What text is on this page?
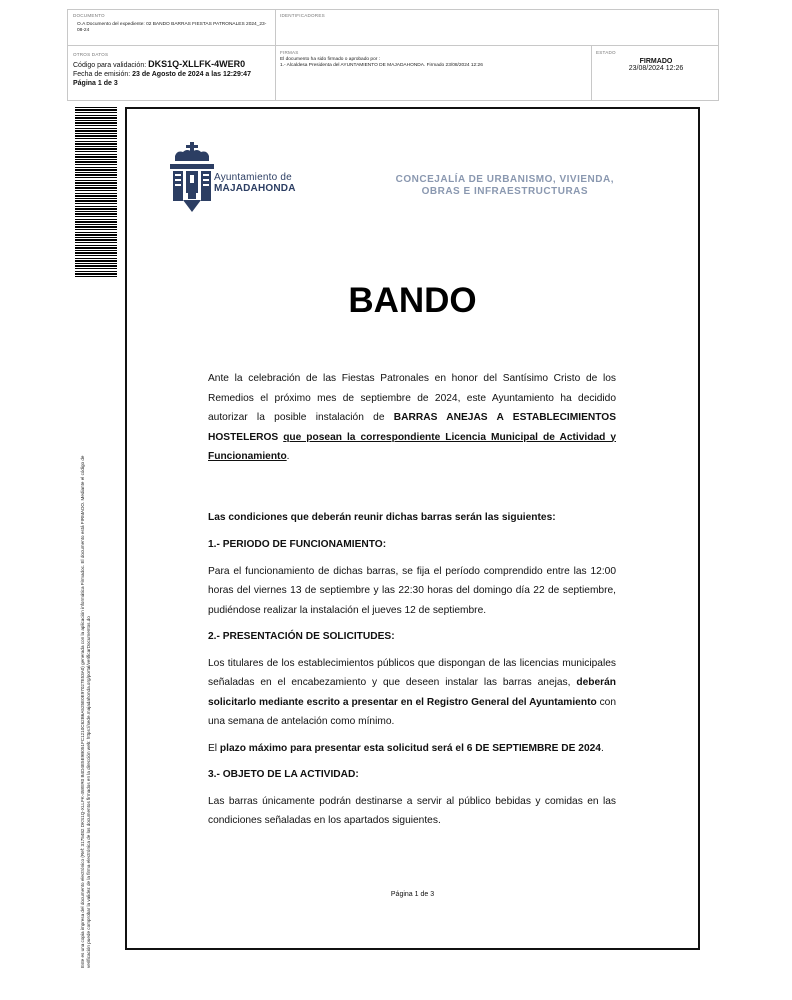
DOCUMENTO
O.A Documento del expediente: 02 BANDO BARRAS FIESTAS PATRONALES 2024_23-08-24
IDENTIFICADORES
OTROS DATOS
Código para validación: DKS1Q-XLLFK-4WER0
Fecha de emisión: 23 de Agosto de 2024 a las 12:29:47
Página 1 de 3
FIRMAS
El documento ha sido firmado o aprobado por :
1.- Alcaldesa Presidenta del AYUNTAMIENTO DE MAJADAHONDA. Firmado 23/08/2024 12:26
ESTADO
FIRMADO
23/08/2024 12:26
Este es una copia impresa del documento electrónico (Ref: 3175482 DKS1Q-XLLFK-4WER0 B4D4E5E9B051FC1210C62B6A525E0E97027E53A0) generada con la aplicación informática Firmadoc. El documento está FIRMADO. Mediante el código de verificación puede comprobar la validez de la firma electrónica de los documentos firmados en la dirección web: https://sede.majadahonda.org/portal/verificarDocumentos.do
Ayuntamiento de
MAJADAHONDA
CONCEJALÍA DE URBANISMO, VIVIENDA,
OBRAS E INFRAESTRUCTURAS
BANDO

Ante la celebración de las Fiestas Patronales en honor del Santísimo Cristo de los Remedios el próximo mes de septiembre de 2024, este Ayuntamiento ha decidido autorizar la posible instalación de BARRAS ANEJAS A ESTABLECIMIENTOS HOSTELEROS que posean la correspondiente Licencia Municipal de Actividad y Funcionamiento.

Las condiciones que deberán reunir dichas barras serán las siguientes:

1.- PERIODO DE FUNCIONAMIENTO:

Para el funcionamiento de dichas barras, se fija el período comprendido entre las 12:00 horas del viernes 13 de septiembre y las 22:30 horas del domingo día 22 de septiembre, pudiéndose realizar la instalación el jueves 12 de septiembre.

2.- PRESENTACIÓN DE SOLICITUDES:

Los titulares de los establecimientos públicos que dispongan de las licencias municipales señaladas en el encabezamiento y que deseen instalar las barras anejas, deberán solicitarlo mediante escrito a presentar en el Registro General del Ayuntamiento con una semana de antelación como mínimo.

El plazo máximo para presentar esta solicitud será el 6 DE SEPTIEMBRE DE 2024.

3.- OBJETO DE LA ACTIVIDAD:

Las barras únicamente podrán destinarse a servir al público bebidas y comidas en las condiciones señaladas en los apartados siguientes.

Página 1 de 3
